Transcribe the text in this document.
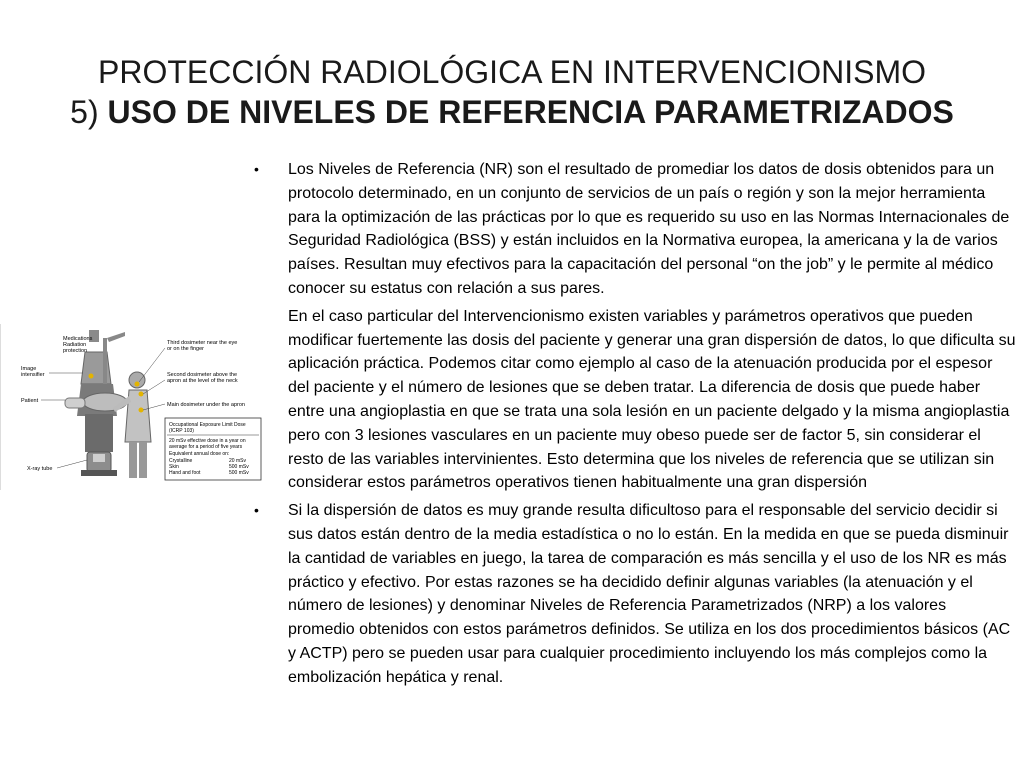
PROTECCIÓN RADIOLÓGICA EN INTERVENCIONISMO
5) USO DE NIVELES DE REFERENCIA PARAMETRIZADOS
Medications
Radiation
protection
Image
intensifier
Patient
X-ray tube
Third dosimeter near the eye
or on the finger
Second dosimeter above the
apron at the level of the neck
Main dosimeter under the apron
Occupational Exposure Limit Dose
(ICRP 103)
20 mSv effective dose in a year on
average for a period of five years
Equivalent annual dose on:
Crystalline	20 mSv
Skin	500 mSv
Hand and foot	500 mSv
• Los Niveles de Referencia (NR) son el resultado de promediar los datos de dosis obtenidos para un protocolo determinado, en un conjunto de servicios de un país o región y son la mejor herramienta para la optimización de las prácticas por lo que es requerido su uso en las Normas Internacionales de Seguridad Radiológica (BSS) y están incluidos en la Normativa europea, la americana y la de varios países. Resultan muy efectivos para la capacitación del personal “on the job” y le permite al médico conocer su estatus con relación a sus pares.
En el caso particular del Intervencionismo existen variables y parámetros operativos que pueden modificar fuertemente las dosis del paciente y generar una gran dispersión de datos, lo que dificulta su aplicación práctica. Podemos citar como ejemplo al caso de la atenuación producida por el espesor del paciente y el número de lesiones que se deben tratar. La diferencia de dosis que puede haber entre una angioplastia en que se trata una sola lesión en un paciente delgado y la misma angioplastia pero con 3 lesiones vasculares en un paciente muy obeso puede ser de factor 5, sin considerar el resto de las variables intervinientes. Esto determina que los niveles de referencia que se utilizan sin considerar estos parámetros operativos tienen habitualmente una gran dispersión
• Si la dispersión de datos es muy grande resulta dificultoso para el responsable del servicio decidir si sus datos están dentro de la media estadística o no lo están. En la medida en que se pueda disminuir la cantidad de variables en juego, la tarea de comparación es más sencilla y el uso de los NR es más práctico y efectivo. Por estas razones se ha decidido definir algunas variables (la atenuación y el número de lesiones) y denominar Niveles de Referencia Parametrizados (NRP) a los valores promedio obtenidos con estos parámetros definidos. Se utiliza en los dos procedimientos básicos (AC y ACTP) pero se pueden usar para cualquier procedimiento incluyendo los más complejos como la embolización hepática y renal.
